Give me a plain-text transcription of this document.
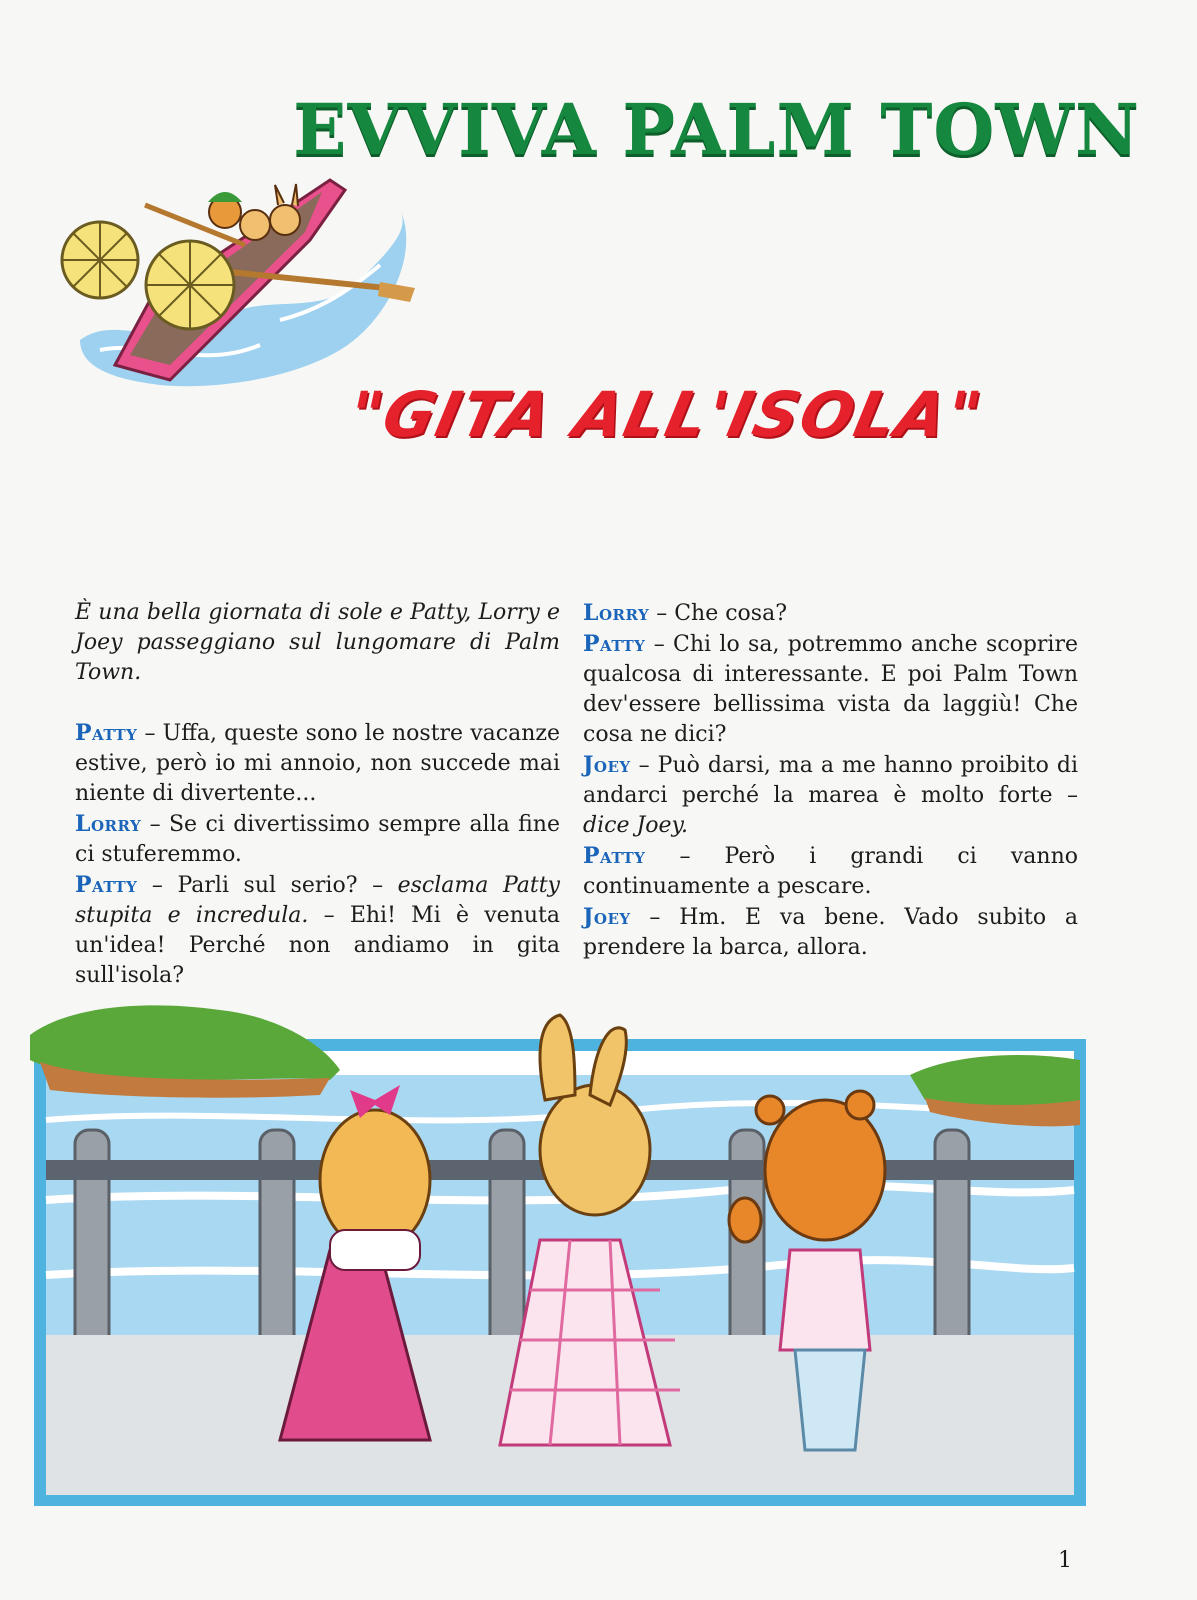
EVVIVA PALM TOWN
"GITA ALL'ISOLA"

È una bella giornata di sole e Patty, Lorry e Joey passeggiano sul lungomare di Palm Town.

Patty – Uffa, queste sono le nostre vacanze estive, però io mi annoio, non succede mai niente di divertente...

Lorry – Se ci divertissimo sempre alla fine ci stuferemmo.

Patty – Parli sul serio? – esclama Patty stupita e incredula. – Ehi! Mi è venuta un'idea! Perché non andiamo in gita sull'isola?

Lorry – Che cosa?

Patty – Chi lo sa, potremmo anche scoprire qualcosa di interessante. E poi Palm Town dev'essere bellissima vista da laggiù! Che cosa ne dici?

Joey – Può darsi, ma a me hanno proibito di andarci perché la marea è molto forte – dice Joey.

Patty – Però i grandi ci vanno continuamente a pescare.

Joey – Hm. E va bene. Vado subito a prendere la barca, allora.

1
